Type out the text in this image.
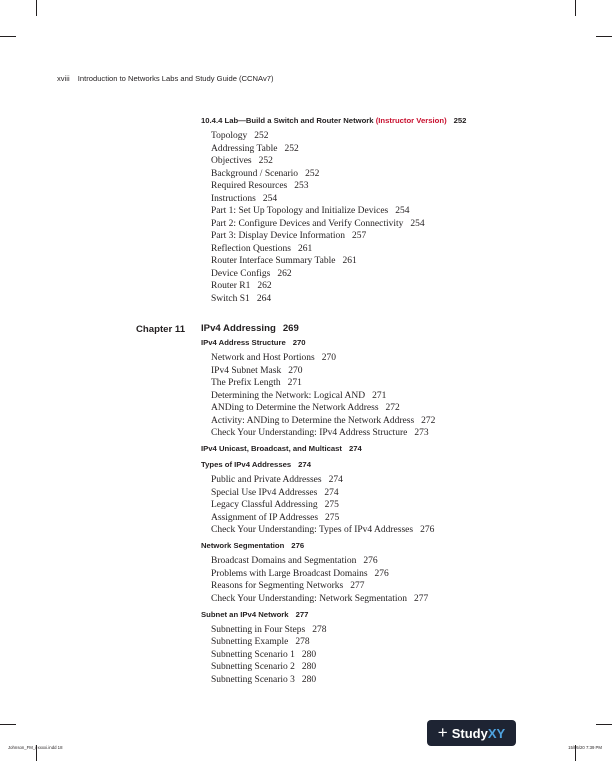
xviii Introduction to Networks Labs and Study Guide (CCNAv7)
10.4.4 Lab—Build a Switch and Router Network (Instructor Version) 252
Topology 252
Addressing Table 252
Objectives 252
Background / Scenario 252
Required Resources 253
Instructions 254
Part 1: Set Up Topology and Initialize Devices 254
Part 2: Configure Devices and Verify Connectivity 254
Part 3: Display Device Information 257
Reflection Questions 261
Router Interface Summary Table 261
Device Configs 262
Router R1 262
Switch S1 264
Chapter 11 IPv4 Addressing 269
IPv4 Address Structure 270
Network and Host Portions 270
IPv4 Subnet Mask 270
The Prefix Length 271
Determining the Network: Logical AND 271
ANDing to Determine the Network Address 272
Activity: ANDing to Determine the Network Address 272
Check Your Understanding: IPv4 Address Structure 273
IPv4 Unicast, Broadcast, and Multicast 274
Types of IPv4 Addresses 274
Public and Private Addresses 274
Special Use IPv4 Addresses 274
Legacy Classful Addressing 275
Assignment of IP Addresses 275
Check Your Understanding: Types of IPv4 Addresses 276
Network Segmentation 276
Broadcast Domains and Segmentation 276
Problems with Large Broadcast Domains 276
Reasons for Segmenting Networks 277
Check Your Understanding: Network Segmentation 277
Subnet an IPv4 Network 277
Subnetting in Four Steps 278
Subnetting Example 278
Subnetting Scenario 1 280
Subnetting Scenario 2 280
Subnetting Scenario 3 280
+ Study XY
Johnson_FM_i-xxxxi.indd 18	15/05/20 7:39 PM
